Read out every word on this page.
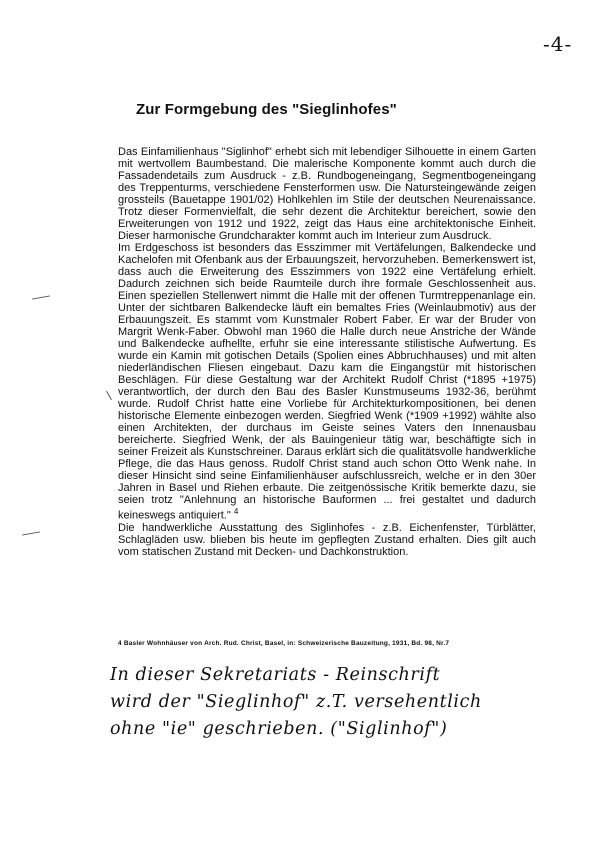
-4-
Zur Formgebung des "Sieglinhofes"

Das Einfamilienhaus "Siglinhof" erhebt sich mit lebendiger Silhouette in einem Garten mit wertvollem Baumbestand. Die malerische Komponente kommt auch durch die Fassadendetails zum Ausdruck - z.B. Rundbogeneingang, Segmentbogeneingang des Treppenturms, verschiedene Fensterformen usw. Die Natursteingewände zeigen grossteils (Bauetappe 1901/02) Hohlkehlen im Stile der deutschen Neurenaissance. Trotz dieser Formenvielfalt, die sehr dezent die Architektur bereichert, sowie den Erweiterungen von 1912 und 1922, zeigt das Haus eine architektonische Einheit. Dieser harmonische Grundcharakter kommt auch im Interieur zum Ausdruck.

Im Erdgeschoss ist besonders das Esszimmer mit Vertäfelungen, Balkendecke und Kachelofen mit Ofenbank aus der Erbauungszeit, hervorzuheben. Bemerkenswert ist, dass auch die Erweiterung des Esszimmers von 1922 eine Vertäfelung erhielt. Dadurch zeichnen sich beide Raumteile durch ihre formale Geschlossenheit aus. Einen speziellen Stellenwert nimmt die Halle mit der offenen Turmtreppenanlage ein. Unter der sichtbaren Balkendecke läuft ein bemaltes Fries (Weinlaubmotiv) aus der Erbauungszeit. Es stammt vom Kunstmaler Robert Faber. Er war der Bruder von Margrit Wenk-Faber. Obwohl man 1960 die Halle durch neue Anstriche der Wände und Balkendecke aufhellte, erfuhr sie eine interessante stilistische Aufwertung. Es wurde ein Kamin mit gotischen Details (Spolien eines Abbruchhauses) und mit alten niederländischen Fliesen eingebaut. Dazu kam die Eingangstür mit historischen Beschlägen. Für diese Gestaltung war der Architekt Rudolf Christ (*1895 +1975) verantwortlich, der durch den Bau des Basler Kunstmuseums 1932-36, berühmt wurde. Rudolf Christ hatte eine Vorliebe für Architekturkompositionen, bei denen historische Elemente einbezogen werden. Siegfried Wenk (*1909 +1992) wählte also einen Architekten, der durchaus im Geiste seines Vaters den Innenausbau bereicherte. Siegfried Wenk, der als Bauingenieur tätig war, beschäftigte sich in seiner Freizeit als Kunstschreiner. Daraus erklärt sich die qualitätsvolle handwerkliche Pflege, die das Haus genoss. Rudolf Christ stand auch schon Otto Wenk nahe. In dieser Hinsicht sind seine Einfamilienhäuser aufschlussreich, welche er in den 30er Jahren in Basel und Riehen erbaute. Die zeitgenössische Kritik bemerkte dazu, sie seien trotz "Anlehnung an historische Bauformen ... frei gestaltet und dadurch keineswegs antiquiert." $^4$

Die handwerkliche Ausstattung des Siglinhofes - z.B. Eichenfenster, Türblätter, Schlagläden usw. blieben bis heute im gepflegten Zustand erhalten. Dies gilt auch vom statischen Zustand mit Decken- und Dachkonstruktion.

4 Basler Wohnhäuser von Arch. Rud. Christ, Basel, in: Schweizerische Bauzeitung, 1931, Bd. 98, Nr.7
In dieser Sekretariats - Reinschrift
wird der "Sieglinhof" z.T. versehentlich
ohne "ie" geschrieben. ("Siglinhof")
